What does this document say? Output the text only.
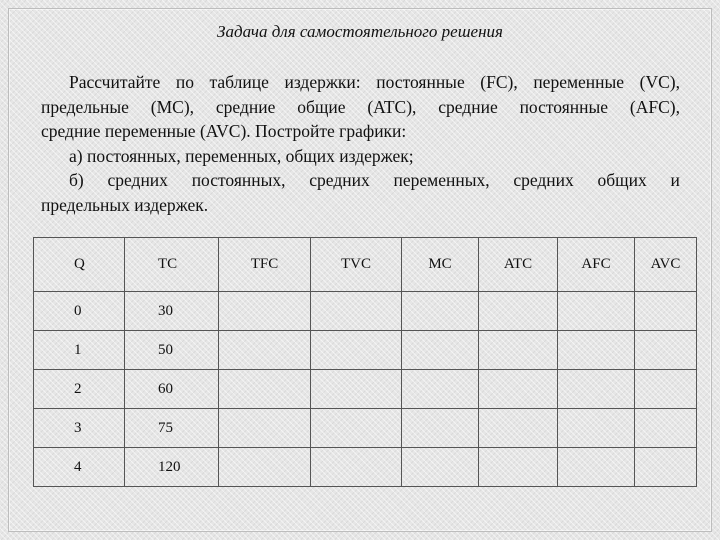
Задача для самостоятельного решения
Рассчитайте по таблице издержки: постоянные (FC), переменные (VC),
предельные (MC), средние общие (ATC), средние постоянные (AFC),
средние переменные (AVC). Постройте графики:
а) постоянных, переменных, общих издержек;
б) средних постоянных, средних переменных, средних общих и
предельных издержек.
Q	TC	TFC	TVC	MC	ATC	AFC	AVC
0	30						
1	50						
2	60						
3	75						
4	120						
